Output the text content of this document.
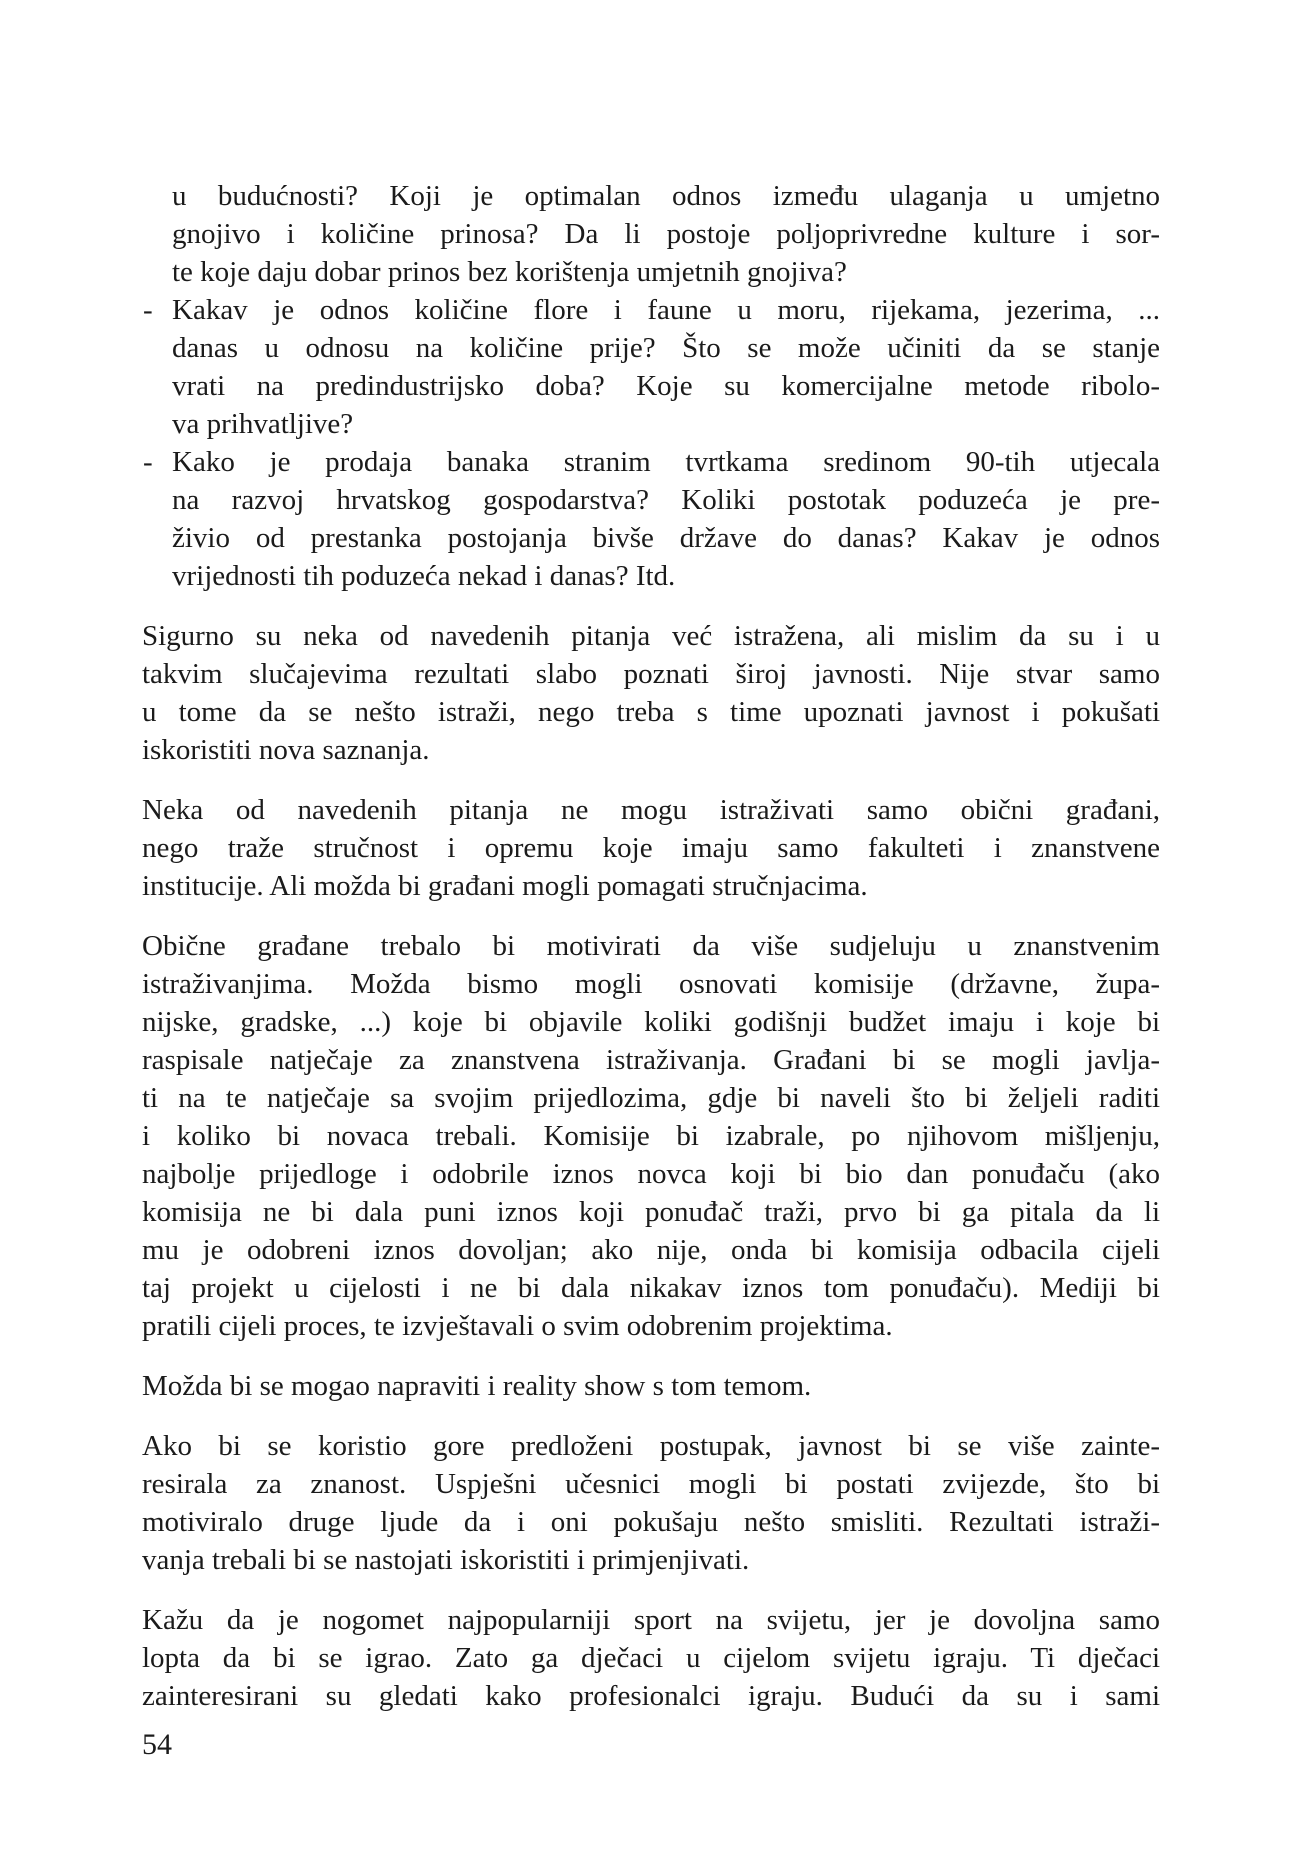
u budućnosti? Koji je optimalan odnos između ulaganja u umjetno
gnojivo i količine prinosa? Da li postoje poljoprivredne kulture i sor-
te koje daju dobar prinos bez korištenja umjetnih gnojiva?
- Kakav je odnos količine flore i faune u moru, rijekama, jezerima, ...
danas u odnosu na količine prije? Što se može učiniti da se stanje
vrati na predindustrijsko doba? Koje su komercijalne metode ribolo-
va prihvatljive?
- Kako je prodaja banaka stranim tvrtkama sredinom 90-tih utjecala
na razvoj hrvatskog gospodarstva? Koliki postotak poduzeća je pre-
živio od prestanka postojanja bivše države do danas? Kakav je odnos
vrijednosti tih poduzeća nekad i danas? Itd.
Sigurno su neka od navedenih pitanja već istražena, ali mislim da su i u
takvim slučajevima rezultati slabo poznati široj javnosti. Nije stvar samo
u tome da se nešto istraži, nego treba s time upoznati javnost i pokušati
iskoristiti nova saznanja.
Neka od navedenih pitanja ne mogu istraživati samo obični građani,
nego traže stručnost i opremu koje imaju samo fakulteti i znanstvene
institucije. Ali možda bi građani mogli pomagati stručnjacima.
Obične građane trebalo bi motivirati da više sudjeluju u znanstvenim
istraživanjima. Možda bismo mogli osnovati komisije (državne, župa-
nijske, gradske, ...) koje bi objavile koliki godišnji budžet imaju i koje bi
raspisale natječaje za znanstvena istraživanja. Građani bi se mogli javlja-
ti na te natječaje sa svojim prijedlozima, gdje bi naveli što bi željeli raditi
i koliko bi novaca trebali. Komisije bi izabrale, po njihovom mišljenju,
najbolje prijedloge i odobrile iznos novca koji bi bio dan ponuđaču (ako
komisija ne bi dala puni iznos koji ponuđač traži, prvo bi ga pitala da li
mu je odobreni iznos dovoljan; ako nije, onda bi komisija odbacila cijeli
taj projekt u cijelosti i ne bi dala nikakav iznos tom ponuđaču). Mediji bi
pratili cijeli proces, te izvještavali o svim odobrenim projektima.
Možda bi se mogao napraviti i reality show s tom temom.
Ako bi se koristio gore predloženi postupak, javnost bi se više zainte-
resirala za znanost. Uspješni učesnici mogli bi postati zvijezde, što bi
motiviralo druge ljude da i oni pokušaju nešto smisliti. Rezultati istraži-
vanja trebali bi se nastojati iskoristiti i primjenjivati.
Kažu da je nogomet najpopularniji sport na svijetu, jer je dovoljna samo
lopta da bi se igrao. Zato ga dječaci u cijelom svijetu igraju. Ti dječaci
zainteresirani su gledati kako profesionalci igraju. Budući da su i sami
54
